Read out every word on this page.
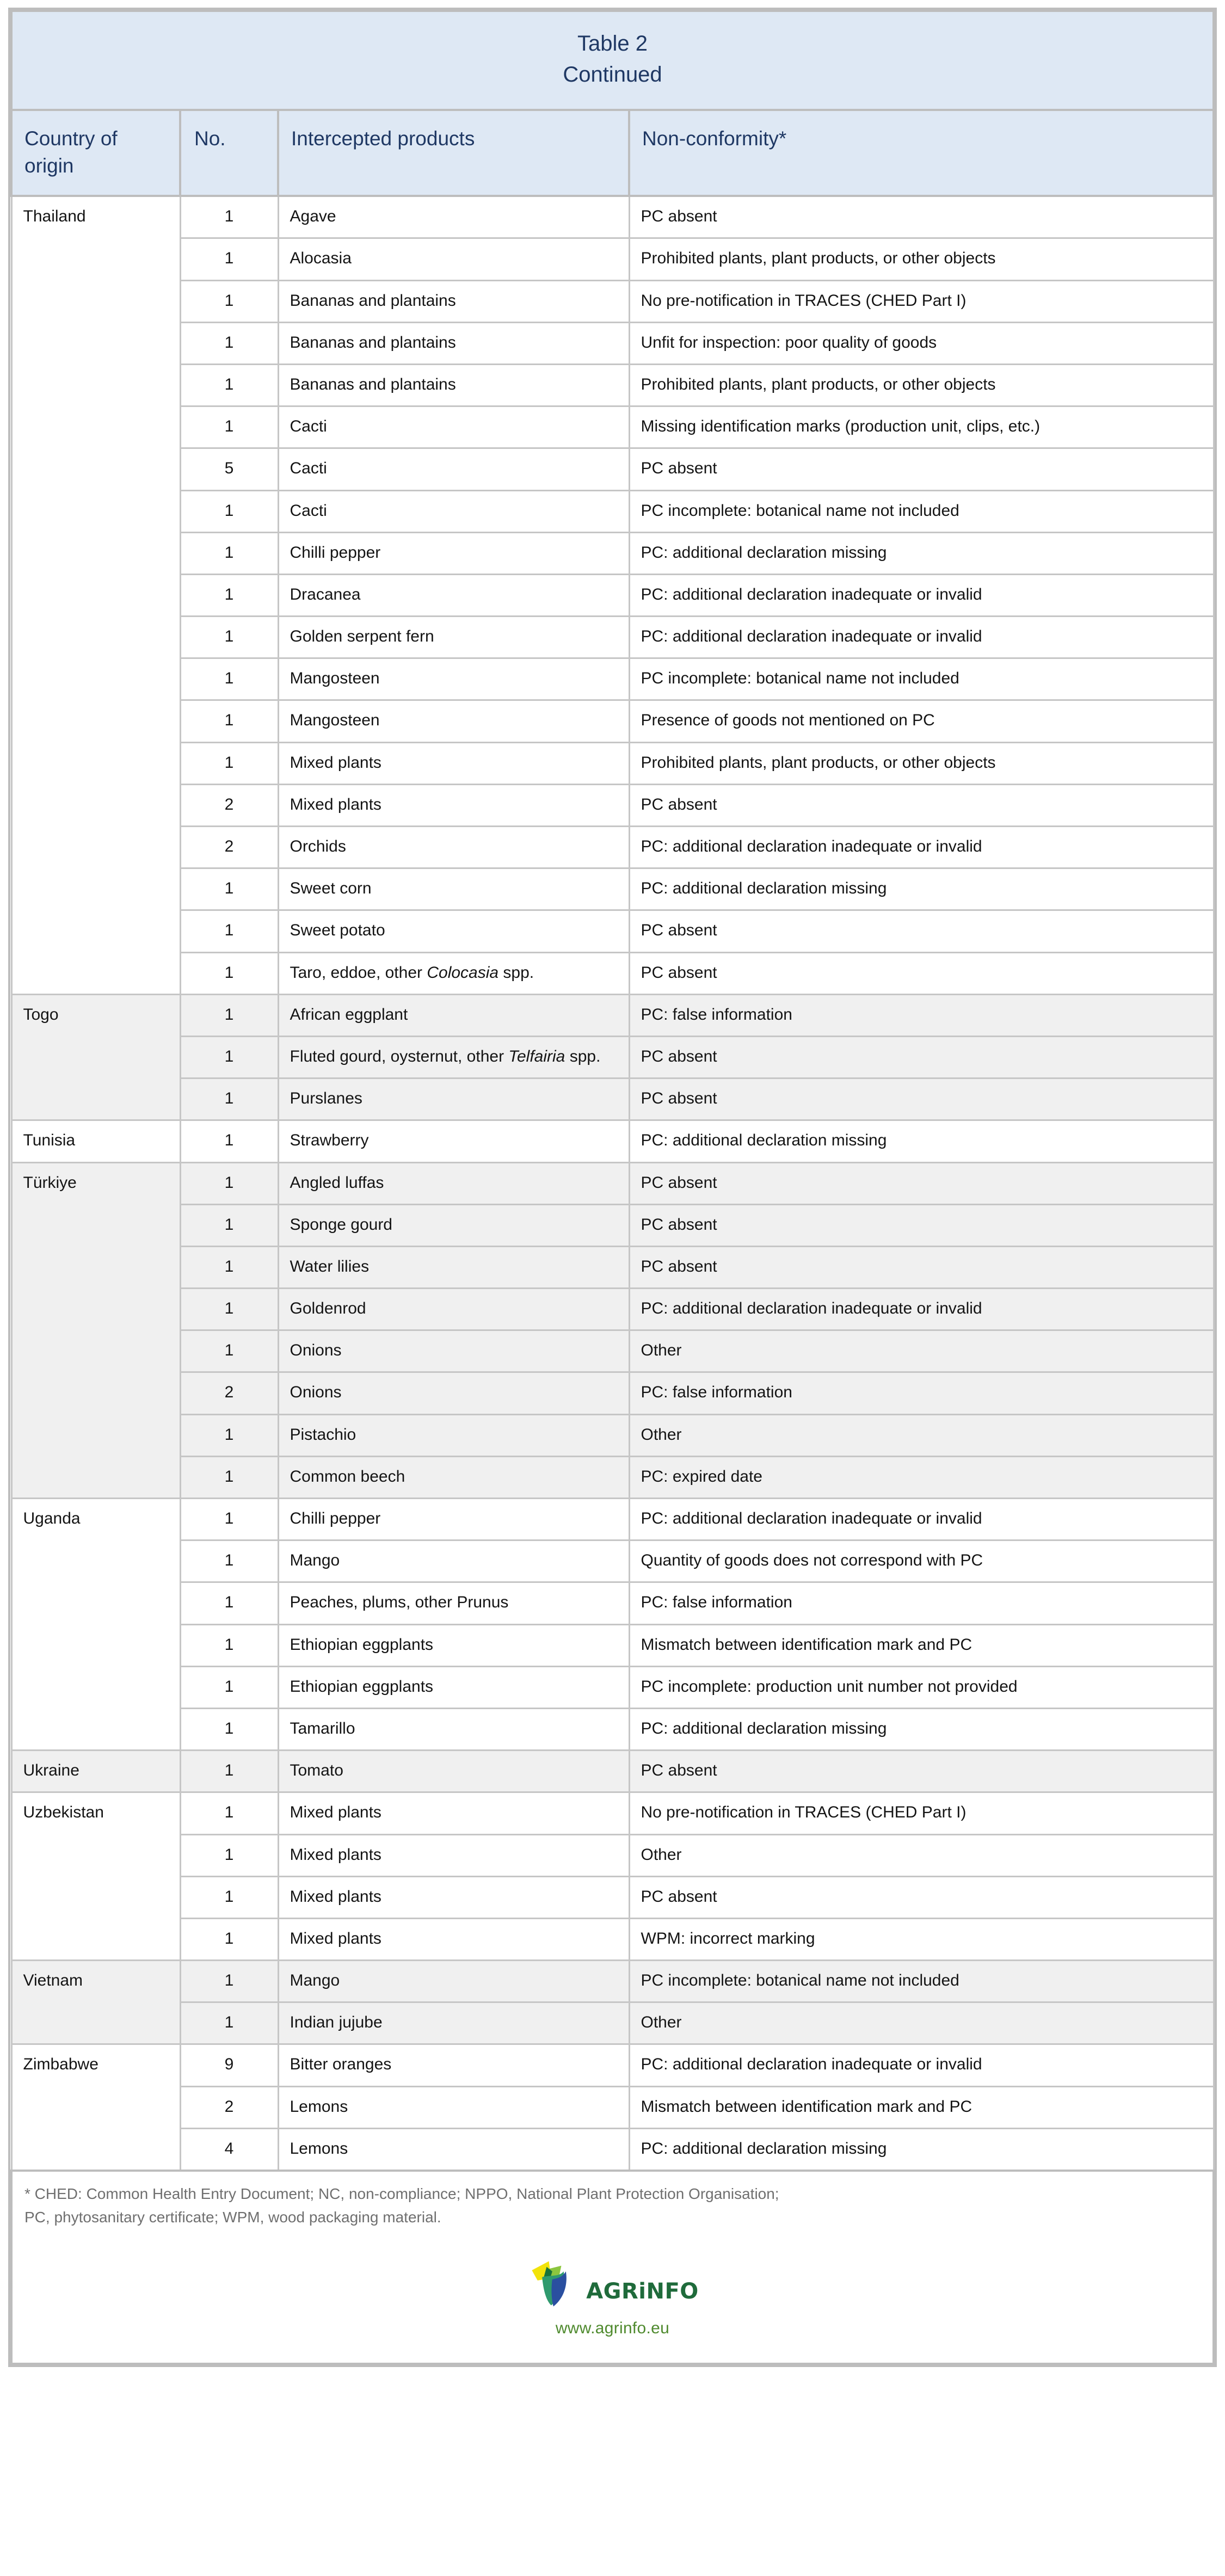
Table 2
Continued			

Country of origin	No.	Intercepted products	Non-conformity*
Thailand	1	Agave	PC absent
	1	Alocasia	Prohibited plants, plant products, or other objects
	1	Bananas and plantains	No pre-notification in TRACES (CHED Part I)
	1	Bananas and plantains	Unfit for inspection: poor quality of goods
	1	Bananas and plantains	Prohibited plants, plant products, or other objects
	1	Cacti	Missing identification marks (production unit, clips, etc.)
	5	Cacti	PC absent
	1	Cacti	PC incomplete: botanical name not included
	1	Chilli pepper	PC: additional declaration missing
	1	Dracanea	PC: additional declaration inadequate or invalid
	1	Golden serpent fern	PC: additional declaration inadequate or invalid
	1	Mangosteen	PC incomplete: botanical name not included
	1	Mangosteen	Presence of goods not mentioned on PC
	1	Mixed plants	Prohibited plants, plant products, or other objects
	2	Mixed plants	PC absent
	2	Orchids	PC: additional declaration inadequate or invalid
	1	Sweet corn	PC: additional declaration missing
	1	Sweet potato	PC absent
	1	Taro, eddoe, other Colocasia spp.	PC absent
Togo	1	African eggplant	PC: false information
	1	Fluted gourd, oysternut, other Telfairia spp.	PC absent
	1	Purslanes	PC absent
Tunisia	1	Strawberry	PC: additional declaration missing
Türkiye	1	Angled luffas	PC absent
	1	Sponge gourd	PC absent
	1	Water lilies	PC absent
	1	Goldenrod	PC: additional declaration inadequate or invalid
	1	Onions	Other
	2	Onions	PC: false information
	1	Pistachio	Other
	1	Common beech	PC: expired date
Uganda	1	Chilli pepper	PC: additional declaration inadequate or invalid
	1	Mango	Quantity of goods does not correspond with PC
	1	Peaches, plums, other Prunus	PC: false information
	1	Ethiopian eggplants	Mismatch between identification mark and PC
	1	Ethiopian eggplants	PC incomplete: production unit number not provided
	1	Tamarillo	PC: additional declaration missing
Ukraine	1	Tomato	PC absent
Uzbekistan	1	Mixed plants	No pre-notification in TRACES (CHED Part I)
	1	Mixed plants	Other
	1	Mixed plants	PC absent
	1	Mixed plants	WPM: incorrect marking
Vietnam	1	Mango	PC incomplete: botanical name not included
	1	Indian jujube	Other
Zimbabwe	9	Bitter oranges	PC: additional declaration inadequate or invalid
	2	Lemons	Mismatch between identification mark and PC
	4	Lemons	PC: additional declaration missing

* CHED: Common Health Entry Document; NC, non-compliance; NPPO, National Plant Protection Organisation;
PC, phytosanitary certificate; WPM, wood packaging material.
AGRiNFO
www.agrinfo.eu			
